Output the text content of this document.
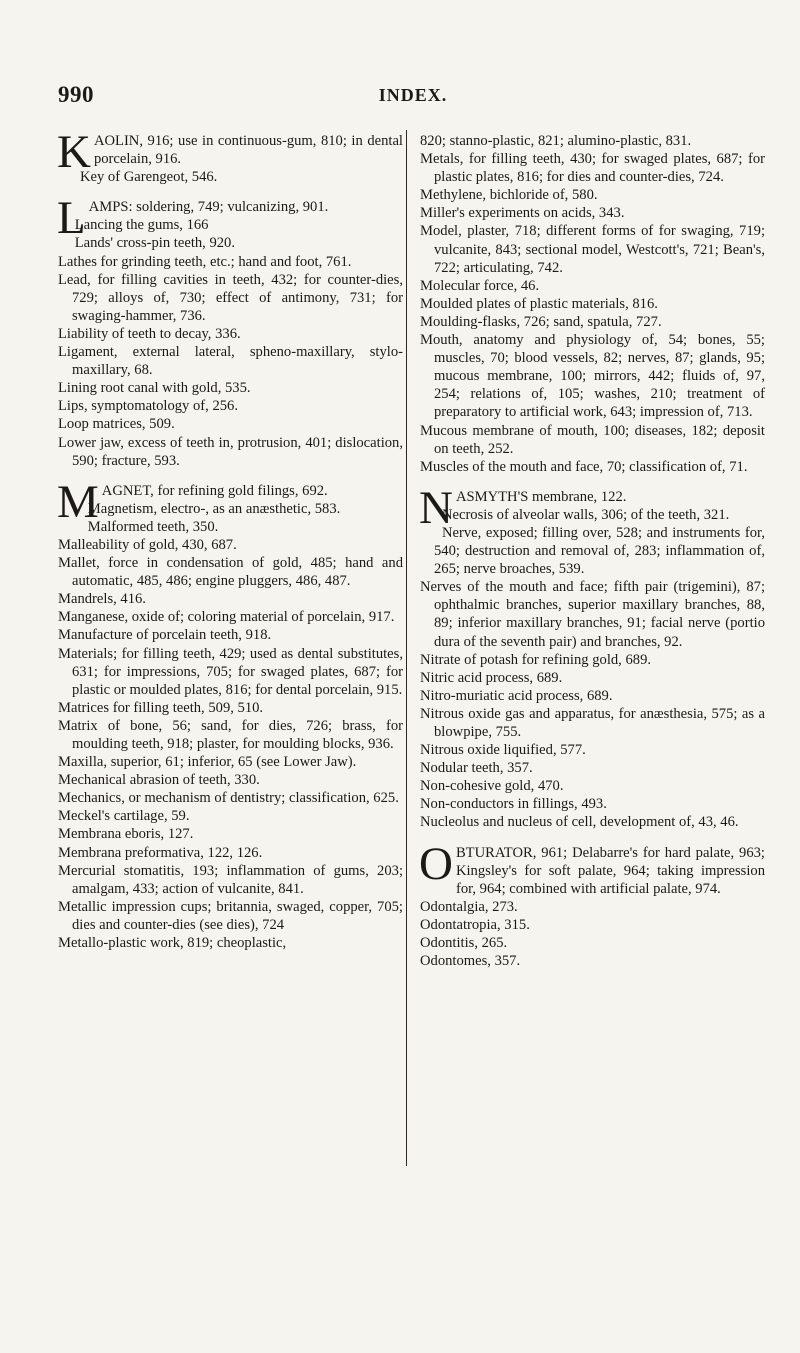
990	INDEX.
KAOLIN, 916; use in continuous-gum, 810; in dental porcelain, 916.
Key of Garengeot, 546.
LAMPS: soldering, 749; vulcanizing, 901.
Lancing the gums, 166
Lands' cross-pin teeth, 920.
Lathes for grinding teeth, etc.; hand and foot, 761.
Lead, for filling cavities in teeth, 432; for counter-dies, 729; alloys of, 730; effect of antimony, 731; for swaging-hammer, 736.
Liability of teeth to decay, 336.
Ligament, external lateral, spheno-maxillary, stylo-maxillary, 68.
Lining root canal with gold, 535.
Lips, symptomatology of, 256.
Loop matrices, 509.
Lower jaw, excess of teeth in, protrusion, 401; dislocation, 590; fracture, 593.
MAGNET, for refining gold filings, 692.
Magnetism, electro-, as an anæsthetic, 583.
Malformed teeth, 350.
Malleability of gold, 430, 687.
Mallet, force in condensation of gold, 485; hand and automatic, 485, 486; engine pluggers, 486, 487.
Mandrels, 416.
Manganese, oxide of; coloring material of porcelain, 917.
Manufacture of porcelain teeth, 918.
Materials; for filling teeth, 429; used as dental substitutes, 631; for impressions, 705; for swaged plates, 687; for plastic or moulded plates, 816; for dental porcelain, 915.
Matrices for filling teeth, 509, 510.
Matrix of bone, 56; sand, for dies, 726; brass, for moulding teeth, 918; plaster, for moulding blocks, 936.
Maxilla, superior, 61; inferior, 65 (see Lower Jaw).
Mechanical abrasion of teeth, 330.
Mechanics, or mechanism of dentistry; classification, 625.
Meckel's cartilage, 59.
Membrana eboris, 127.
Membrana preformativa, 122, 126.
Mercurial stomatitis, 193; inflammation of gums, 203; amalgam, 433; action of vulcanite, 841.
Metallic impression cups; britannia, swaged, copper, 705; dies and counter-dies (see dies), 724
Metallo-plastic work, 819; cheoplastic,
820; stanno-plastic, 821; alumino-plastic, 831.
Metals, for filling teeth, 430; for swaged plates, 687; for plastic plates, 816; for dies and counter-dies, 724.
Methylene, bichloride of, 580.
Miller's experiments on acids, 343.
Model, plaster, 718; different forms of for swaging, 719; vulcanite, 843; sectional model, Westcott's, 721; Bean's, 722; articulating, 742.
Molecular force, 46.
Moulded plates of plastic materials, 816.
Moulding-flasks, 726; sand, spatula, 727.
Mouth, anatomy and physiology of, 54; bones, 55; muscles, 70; blood vessels, 82; nerves, 87; glands, 95; mucous membrane, 100; mirrors, 442; fluids of, 97, 254; relations of, 105; washes, 210; treatment of preparatory to artificial work, 643; impression of, 713.
Mucous membrane of mouth, 100; diseases, 182; deposit on teeth, 252.
Muscles of the mouth and face, 70; classification of, 71.
NASMYTH'S membrane, 122.
Necrosis of alveolar walls, 306; of the teeth, 321.
Nerve, exposed; filling over, 528; and instruments for, 540; destruction and removal of, 283; inflammation of, 265; nerve broaches, 539.
Nerves of the mouth and face; fifth pair (trigemini), 87; ophthalmic branches, superior maxillary branches, 88, 89; inferior maxillary branches, 91; facial nerve (portio dura of the seventh pair) and branches, 92.
Nitrate of potash for refining gold, 689.
Nitric acid process, 689.
Nitro-muriatic acid process, 689.
Nitrous oxide gas and apparatus, for anæsthesia, 575; as a blowpipe, 755.
Nitrous oxide liquified, 577.
Nodular teeth, 357.
Non-cohesive gold, 470.
Non-conductors in fillings, 493.
Nucleolus and nucleus of cell, development of, 43, 46.
OBTURATOR, 961; Delabarre's for hard palate, 963; Kingsley's for soft palate, 964; taking impression for, 964; combined with artificial palate, 974.
Odontalgia, 273.
Odontatropia, 315.
Odontitis, 265.
Odontomes, 357.
